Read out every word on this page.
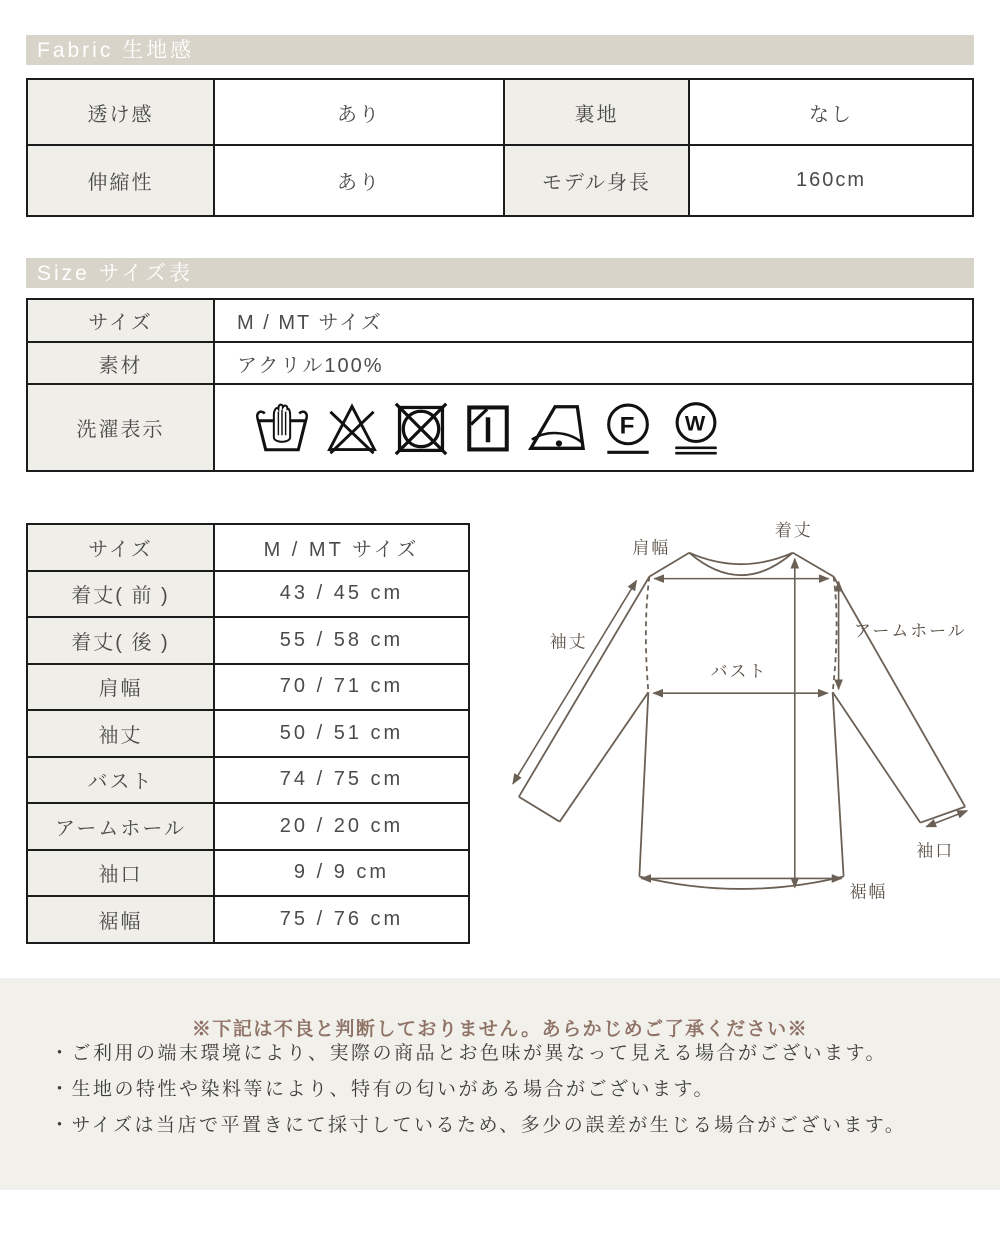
Fabric 生地感
透け感	あり	裏地	なし
伸縮性	あり	モデル身長	160cm
Size サイズ表
サイズ	M / MT サイズ
素材	アクリル100%
洗濯表示	F W
サイズ	M / MT サイズ
着丈( 前 )	43 / 45 cm
着丈( 後 )	55 / 58 cm
肩幅	70 / 71 cm
袖丈	50 / 51 cm
バスト	74 / 75 cm
アームホール	20 / 20 cm
袖口	9 / 9 cm
裾幅	75 / 76 cm
着丈
肩幅
袖丈
アームホール
バスト
袖口
裾幅
※下記は不良と判断しておりません。あらかじめご了承ください※
・ご利用の端末環境により、実際の商品とお色味が異なって見える場合がございます。
・生地の特性や染料等により、特有の匂いがある場合がございます。
・サイズは当店で平置きにて採寸しているため、多少の誤差が生じる場合がございます。
